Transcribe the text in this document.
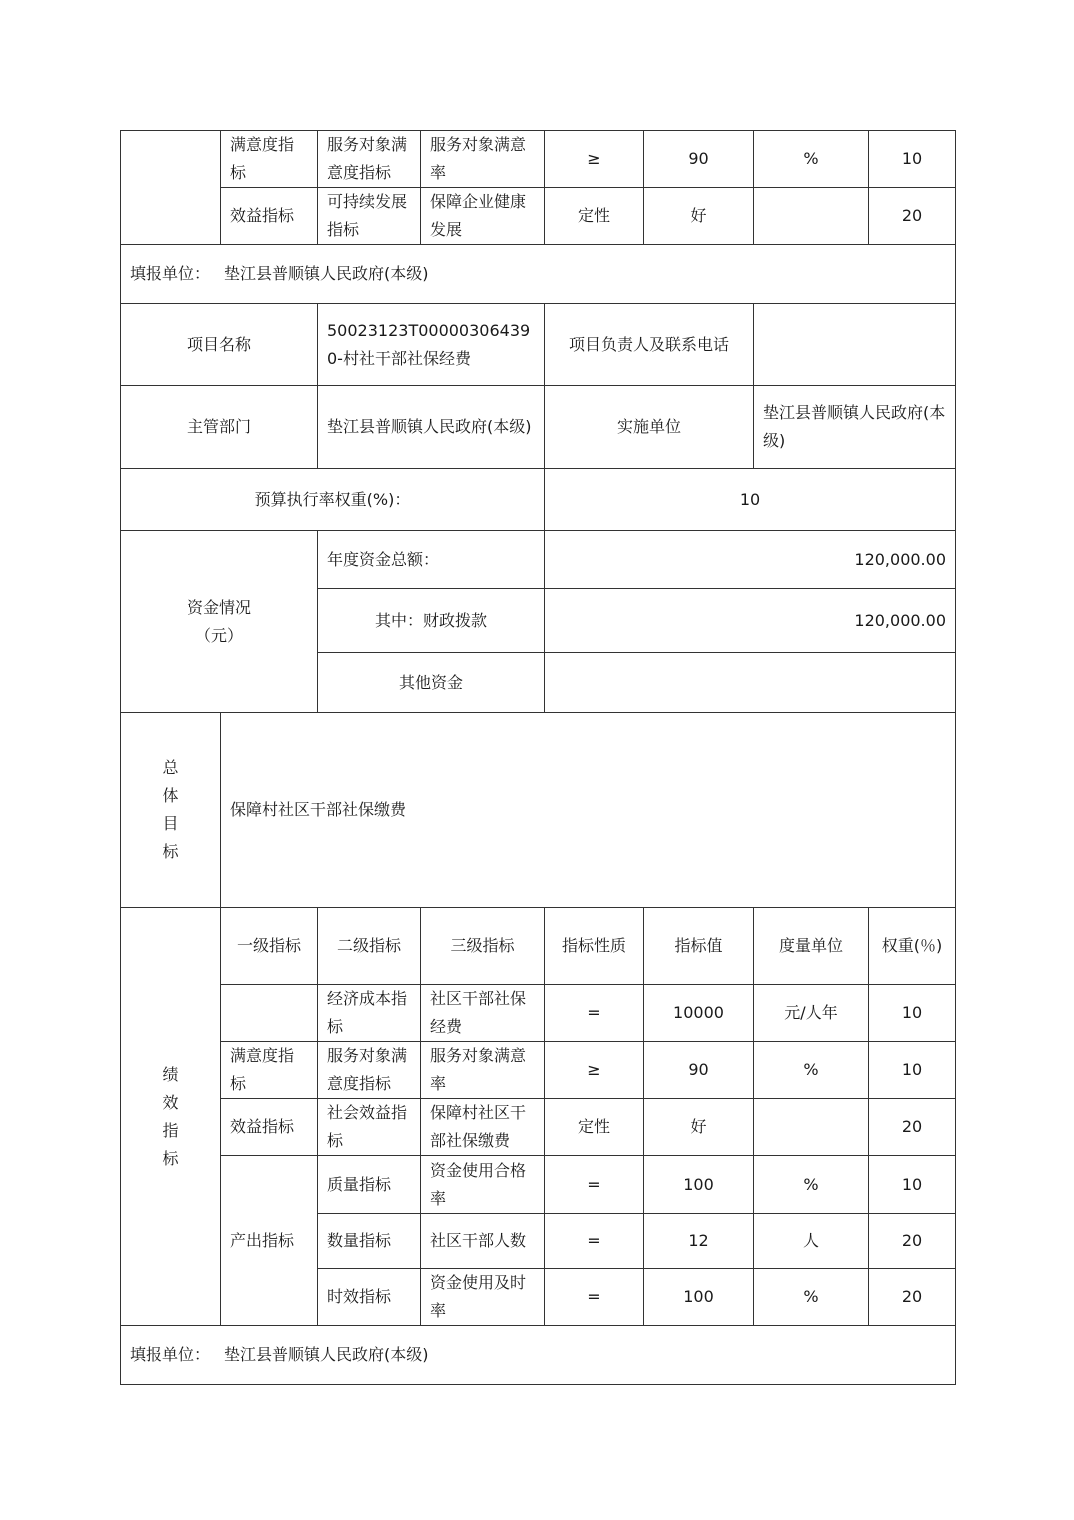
	满意度指标	服务对象满意度指标	服务对象满意率	≥	90	%	10
	效益指标	可持续发展指标	保障企业健康发展	定性	好		20
填报单位： 垫江县普顺镇人民政府(本级)							
项目名称		50023123T000003064390-村社干部社保经费		项目负责人及联系电话			
主管部门		垫江县普顺镇人民政府(本级)		实施单位		垫江县普顺镇人民政府(本级)	
预算执行率权重(%)：				10			

资金情况
（元）		年度资金总额：		120,000.00			
		其中：财政拨款		120,000.00			
		其他资金					

总
体
目
标	保障村社区干部社保缴费						

绩
效
指
标	一级指标	二级指标	三级指标	指标性质	指标值	度量单位	权重(％)
		经济成本指标	社区干部社保经费	=	10000	元/人年	10
	满意度指标	服务对象满意度指标	服务对象满意率	≥	90	%	10
	效益指标	社会效益指标	保障村社区干部社保缴费	定性	好		20
	产出指标	质量指标	资金使用合格率	=	100	%	10
		数量指标	社区干部人数	=	12	人	20
		时效指标	资金使用及时率	=	100	%	20
填报单位： 垫江县普顺镇人民政府(本级)							
